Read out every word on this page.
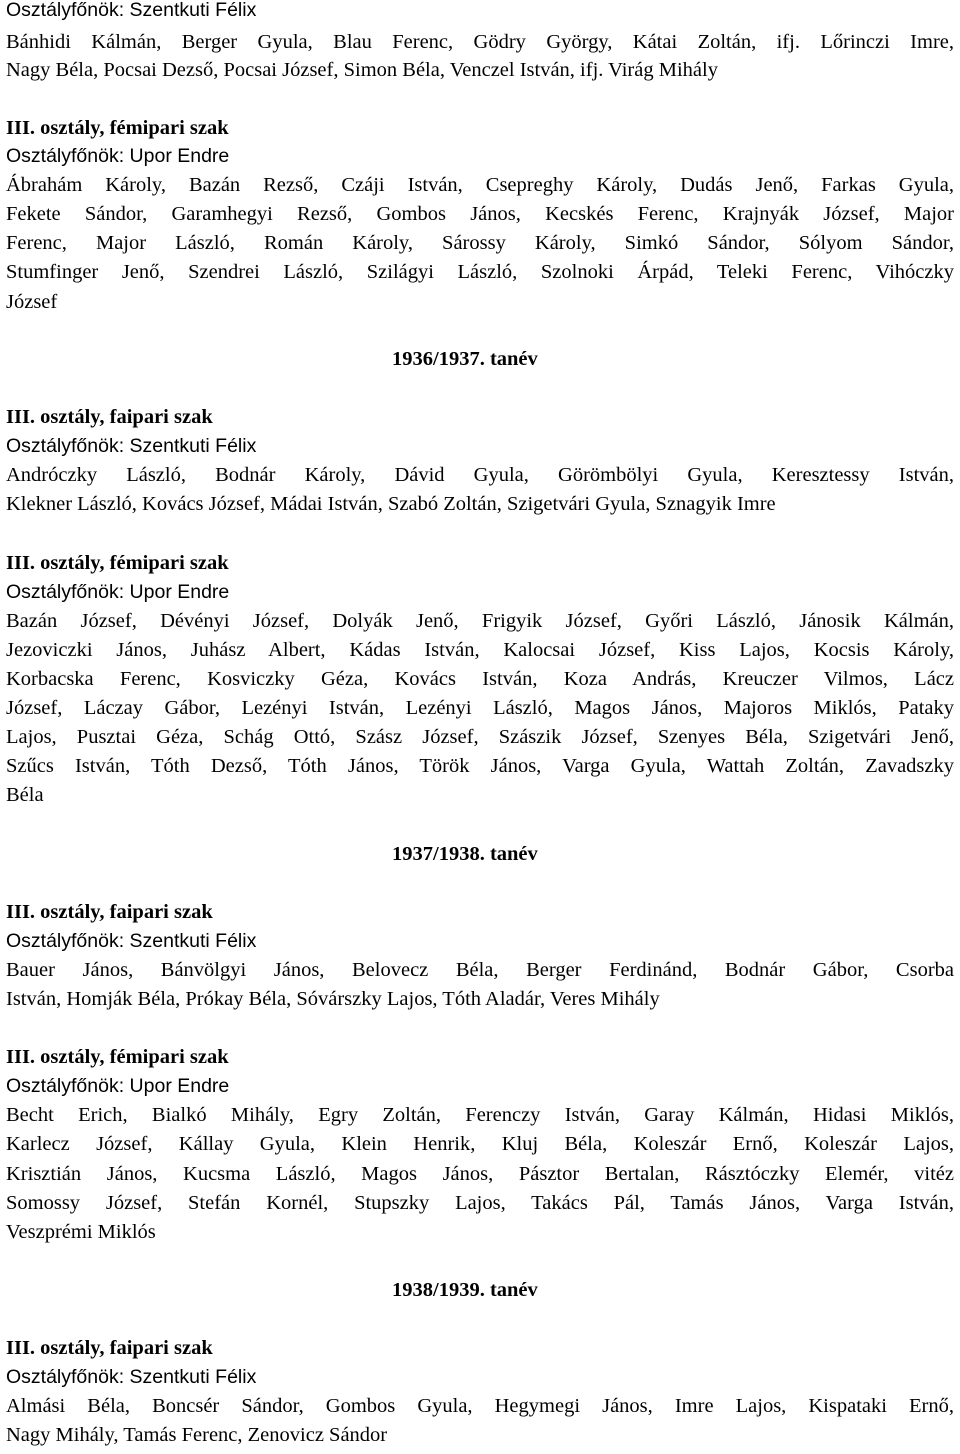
Osztályfőnök: Szentkuti Félix
Bánhidi Kálmán, Berger Gyula, Blau Ferenc, Gödry György, Kátai Zoltán, ifj. Lőrinczi Imre,
Nagy Béla, Pocsai Dezső, Pocsai József, Simon Béla, Venczel István, ifj. Virág Mihály
III. osztály, fémipari szak
Osztályfőnök: Upor Endre
Ábrahám Károly, Bazán Rezső, Czáji István, Csepreghy Károly, Dudás Jenő, Farkas Gyula,
Fekete Sándor, Garamhegyi Rezső, Gombos János, Kecskés Ferenc, Krajnyák József, Major
Ferenc, Major László, Román Károly, Sárossy Károly, Simkó Sándor, Sólyom Sándor,
Stumfinger Jenő, Szendrei László, Szilágyi László, Szolnoki Árpád, Teleki Ferenc, Vihóczky
József
1936/1937. tanév
III. osztály, faipari szak
Osztályfőnök: Szentkuti Félix
Andróczky László, Bodnár Károly, Dávid Gyula, Görömbölyi Gyula, Keresztessy István,
Klekner László, Kovács József, Mádai István, Szabó Zoltán, Szigetvári Gyula, Sznagyik Imre
III. osztály, fémipari szak
Osztályfőnök: Upor Endre
Bazán József, Dévényi József, Dolyák Jenő, Frigyik József, Győri László, Jánosik Kálmán,
Jezoviczki János, Juhász Albert, Kádas István, Kalocsai József, Kiss Lajos, Kocsis Károly,
Korbacska Ferenc, Kosviczky Géza, Kovács István, Koza András, Kreuczer Vilmos, Lácz
József, Láczay Gábor, Lezényi István, Lezényi László, Magos János, Majoros Miklós, Pataky
Lajos, Pusztai Géza, Schág Ottó, Szász József, Szászik József, Szenyes Béla, Szigetvári Jenő,
Szűcs István, Tóth Dezső, Tóth János, Török János, Varga Gyula, Wattah Zoltán, Zavadszky
Béla
1937/1938. tanév
III. osztály, faipari szak
Osztályfőnök: Szentkuti Félix
Bauer János, Bánvölgyi János, Belovecz Béla, Berger Ferdinánd, Bodnár Gábor, Csorba
István, Homják Béla, Prókay Béla, Sóvárszky Lajos, Tóth Aladár, Veres Mihály
III. osztály, fémipari szak
Osztályfőnök: Upor Endre
Becht Erich, Bialkó Mihály, Egry Zoltán, Ferenczy István, Garay Kálmán, Hidasi Miklós,
Karlecz József, Kállay Gyula, Klein Henrik, Kluj Béla, Koleszár Ernő, Koleszár Lajos,
Krisztián János, Kucsma László, Magos János, Pásztor Bertalan, Rásztóczky Elemér, vitéz
Somossy József, Stefán Kornél, Stupszky Lajos, Takács Pál, Tamás János, Varga István,
Veszprémi Miklós
1938/1939. tanév
III. osztály, faipari szak
Osztályfőnök: Szentkuti Félix
Almási Béla, Boncsér Sándor, Gombos Gyula, Hegymegi János, Imre Lajos, Kispataki Ernő,
Nagy Mihály, Tamás Ferenc, Zenovicz Sándor
